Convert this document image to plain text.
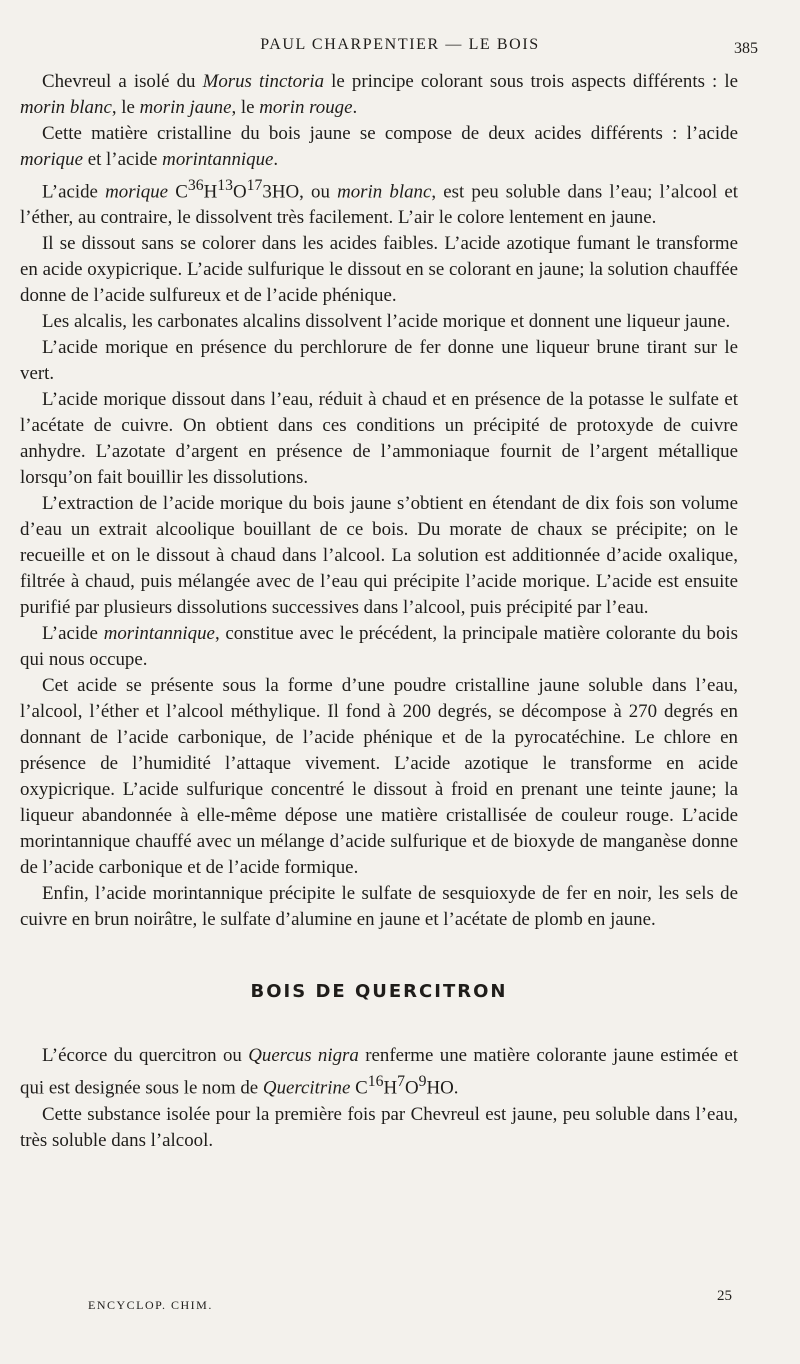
PAUL CHARPENTIER — LE BOIS	385

Chevreul a isolé du Morus tinctoria le principe colorant sous trois aspects différents : le morin blanc, le morin jaune, le morin rouge.

Cette matière cristalline du bois jaune se compose de deux acides différents : l’acide morique et l’acide morintannique.

L’acide morique $C^{36}H^{13}O^{17}3HO$, ou morin blanc, est peu soluble dans l’eau; l’alcool et l’éther, au contraire, le dissolvent très facilement. L’air le colore lentement en jaune.

Il se dissout sans se colorer dans les acides faibles. L’acide azotique fumant le transforme en acide oxypicrique. L’acide sulfurique le dissout en se colorant en jaune; la solution chauffée donne de l’acide sulfureux et de l’acide phénique.

Les alcalis, les carbonates alcalins dissolvent l’acide morique et donnent une liqueur jaune.

L’acide morique en présence du perchlorure de fer donne une liqueur brune tirant sur le vert.

L’acide morique dissout dans l’eau, réduit à chaud et en présence de la potasse le sulfate et l’acétate de cuivre. On obtient dans ces conditions un précipité de protoxyde de cuivre anhydre. L’azotate d’argent en présence de l’ammoniaque fournit de l’argent métallique lorsqu’on fait bouillir les dissolutions.

L’extraction de l’acide morique du bois jaune s’obtient en étendant de dix fois son volume d’eau un extrait alcoolique bouillant de ce bois. Du morate de chaux se précipite; on le recueille et on le dissout à chaud dans l’alcool. La solution est additionnée d’acide oxalique, filtrée à chaud, puis mélangée avec de l’eau qui précipite l’acide morique. L’acide est ensuite purifié par plusieurs dissolutions successives dans l’alcool, puis précipité par l’eau.

L’acide morintannique, constitue avec le précédent, la principale matière colorante du bois qui nous occupe.

Cet acide se présente sous la forme d’une poudre cristalline jaune soluble dans l’eau, l’alcool, l’éther et l’alcool méthylique. Il fond à 200 degrés, se décompose à 270 degrés en donnant de l’acide carbonique, de l’acide phénique et de la pyrocatéchine. Le chlore en présence de l’humidité l’attaque vivement. L’acide azotique le transforme en acide oxypicrique. L’acide sulfurique concentré le dissout à froid en prenant une teinte jaune; la liqueur abandonnée à elle-même dépose une matière cristallisée de couleur rouge. L’acide morintannique chauffé avec un mélange d’acide sulfurique et de bioxyde de manganèse donne de l’acide carbonique et de l’acide formique.

Enfin, l’acide morintannique précipite le sulfate de sesquioxyde de fer en noir, les sels de cuivre en brun noirâtre, le sulfate d’alumine en jaune et l’acétate de plomb en jaune.

BOIS DE QUERCITRON

L’écorce du quercitron ou Quercus nigra renferme une matière colorante jaune estimée et qui est designée sous le nom de Quercitrine $C^{16}H^7O^9HO$.

Cette substance isolée pour la première fois par Chevreul est jaune, peu soluble dans l’eau, très soluble dans l’alcool.

ENCYCLOP. CHIM.
25
